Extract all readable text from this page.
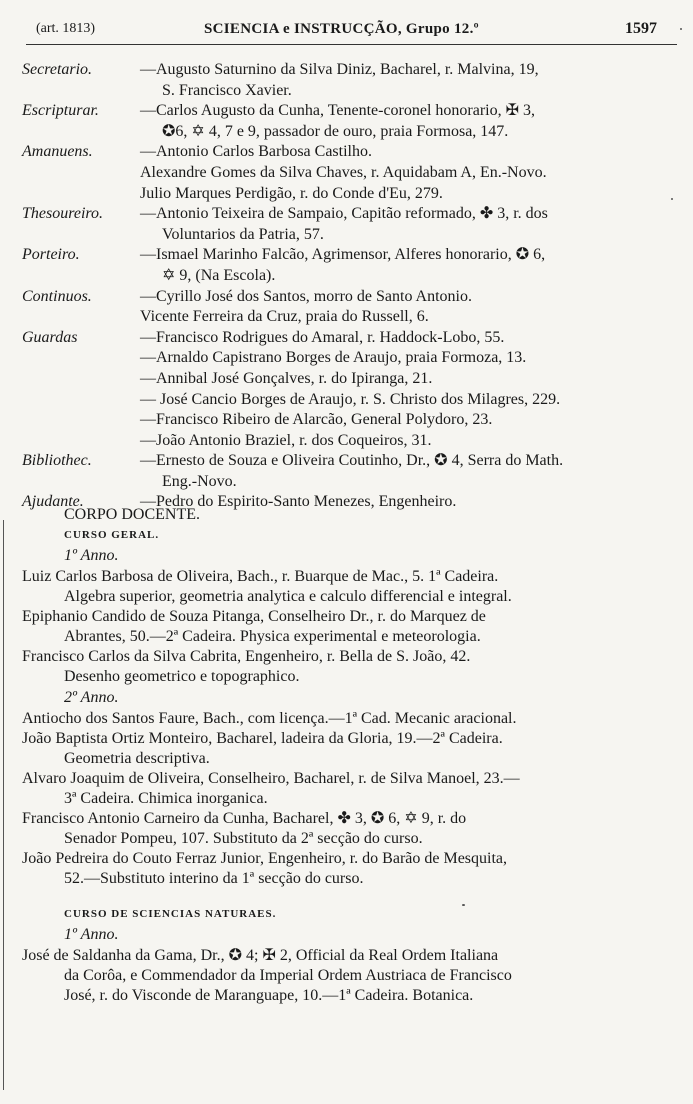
(art. 1813)	SCIENCIA e INSTRUCÇÃO, Grupo 12.º	1597
Secretario.	—Augusto Saturnino da Silva Diniz, Bacharel, r. Malvina, 19,
S. Francisco Xavier.
Escripturar.	—Carlos Augusto da Cunha, Tenente-coronel honorario, ✠ 3,
✪6, ✡ 4, 7 e 9, passador de ouro, praia Formosa, 147.
Amanuens.	—Antonio Carlos Barbosa Castilho.
Alexandre Gomes da Silva Chaves, r. Aquidabam A, En.-Novo.
Julio Marques Perdigão, r. do Conde d'Eu, 279.
Thesoureiro.	—Antonio Teixeira de Sampaio, Capitão reformado, ✤ 3, r. dos
Voluntarios da Patria, 57.
Porteiro.	—Ismael Marinho Falcão, Agrimensor, Alferes honorario, ✪ 6,
✡ 9, (Na Escola).
Continuos.	—Cyrillo José dos Santos, morro de Santo Antonio.
Vicente Ferreira da Cruz, praia do Russell, 6.
Guardas	—Francisco Rodrigues do Amaral, r. Haddock-Lobo, 55.
—Arnaldo Capistrano Borges de Araujo, praia Formoza, 13.
—Annibal José Gonçalves, r. do Ipiranga, 21.
— José Cancio Borges de Araujo, r. S. Christo dos Milagres, 229.
—Francisco Ribeiro de Alarcão, General Polydoro, 23.
—João Antonio Braziel, r. dos Coqueiros, 31.
Bibliothec.	—Ernesto de Souza e Oliveira Coutinho, Dr., ✪ 4, Serra do Math.
Eng.-Novo.
Ajudante.	—Pedro do Espirito-Santo Menezes, Engenheiro.
CORPO DOCENTE.
CURSO GERAL.
1º Anno.

Luiz Carlos Barbosa de Oliveira, Bach., r. Buarque de Mac., 5. 1ª Cadeira.

Algebra superior, geometria analytica e calculo differencial e integral.

Epiphanio Candido de Souza Pitanga, Conselheiro Dr., r. do Marquez de

Abrantes, 50.—2ª Cadeira. Physica experimental e meteorologia.

Francisco Carlos da Silva Cabrita, Engenheiro, r. Bella de S. João, 42.

Desenho geometrico e topographico.

2º Anno.

Antiocho dos Santos Faure, Bach., com licença.—1ª Cad. Mecanic aracional.

João Baptista Ortiz Monteiro, Bacharel, ladeira da Gloria, 19.—2ª Cadeira.

Geometria descriptiva.

Alvaro Joaquim de Oliveira, Conselheiro, Bacharel, r. de Silva Manoel, 23.—

3ª Cadeira. Chimica inorganica.

Francisco Antonio Carneiro da Cunha, Bacharel, ✤ 3, ✪ 6, ✡ 9, r. do

Senador Pompeu, 107. Substituto da 2ª secção do curso.

João Pedreira do Couto Ferraz Junior, Engenheiro, r. do Barão de Mesquita,

52.—Substituto interino da 1ª secção do curso.

CURSO DE SCIENCIAS NATURAES.
1º Anno.

José de Saldanha da Gama, Dr., ✪ 4; ✠ 2, Official da Real Ordem Italiana

da Corôa, e Commendador da Imperial Ordem Austriaca de Francisco

José, r. do Visconde de Maranguape, 10.—1ª Cadeira. Botanica.
